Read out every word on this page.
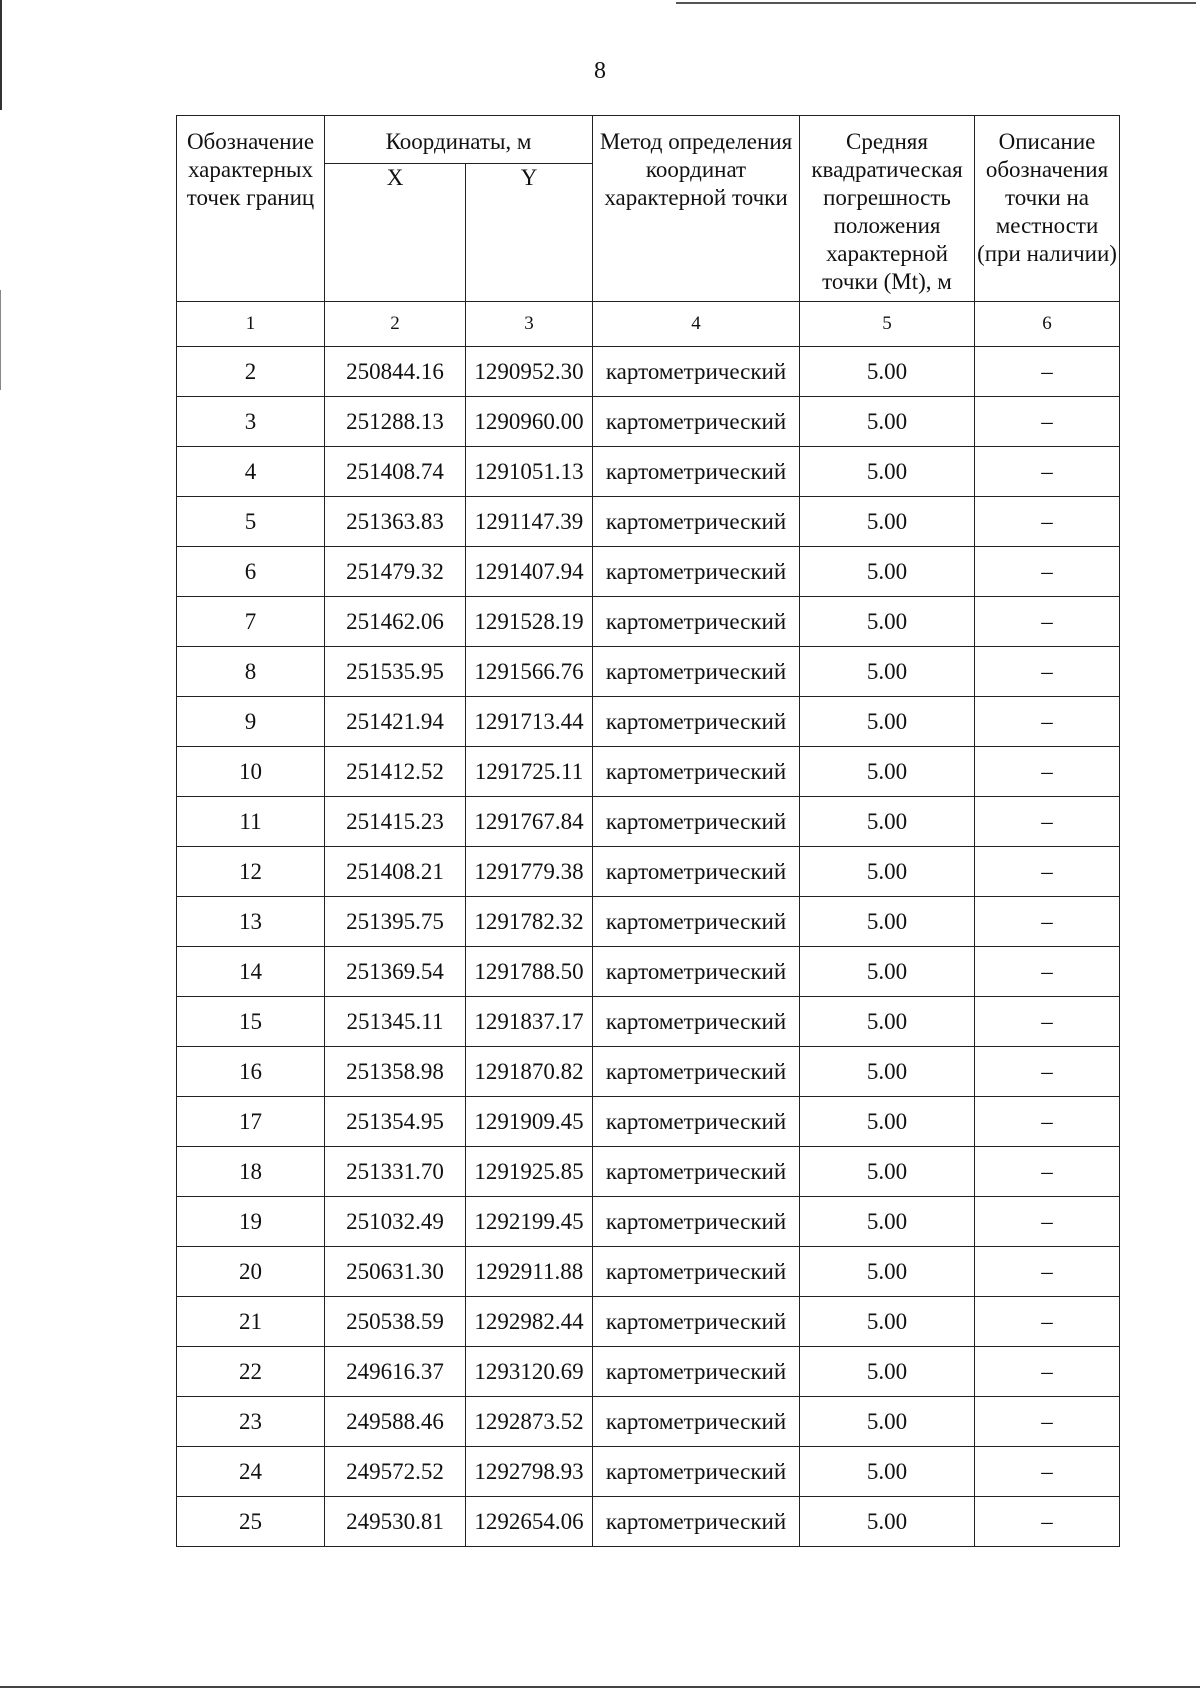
8
Обозначение характерных точек границ	Координаты, м		Метод определения координат характерной точки	Средняя квадратическая погрешность положения характерной точки (Mt), м	Описание обозначения точки на местности (при наличии)
	X	Y			
1	2	3	4	5	6
2	250844.16	1290952.30	картометрический	5.00	–
3	251288.13	1290960.00	картометрический	5.00	–
4	251408.74	1291051.13	картометрический	5.00	–
5	251363.83	1291147.39	картометрический	5.00	–
6	251479.32	1291407.94	картометрический	5.00	–
7	251462.06	1291528.19	картометрический	5.00	–
8	251535.95	1291566.76	картометрический	5.00	–
9	251421.94	1291713.44	картометрический	5.00	–
10	251412.52	1291725.11	картометрический	5.00	–
11	251415.23	1291767.84	картометрический	5.00	–
12	251408.21	1291779.38	картометрический	5.00	–
13	251395.75	1291782.32	картометрический	5.00	–
14	251369.54	1291788.50	картометрический	5.00	–
15	251345.11	1291837.17	картометрический	5.00	–
16	251358.98	1291870.82	картометрический	5.00	–
17	251354.95	1291909.45	картометрический	5.00	–
18	251331.70	1291925.85	картометрический	5.00	–
19	251032.49	1292199.45	картометрический	5.00	–
20	250631.30	1292911.88	картометрический	5.00	–
21	250538.59	1292982.44	картометрический	5.00	–
22	249616.37	1293120.69	картометрический	5.00	–
23	249588.46	1292873.52	картометрический	5.00	–
24	249572.52	1292798.93	картометрический	5.00	–
25	249530.81	1292654.06	картометрический	5.00	–
